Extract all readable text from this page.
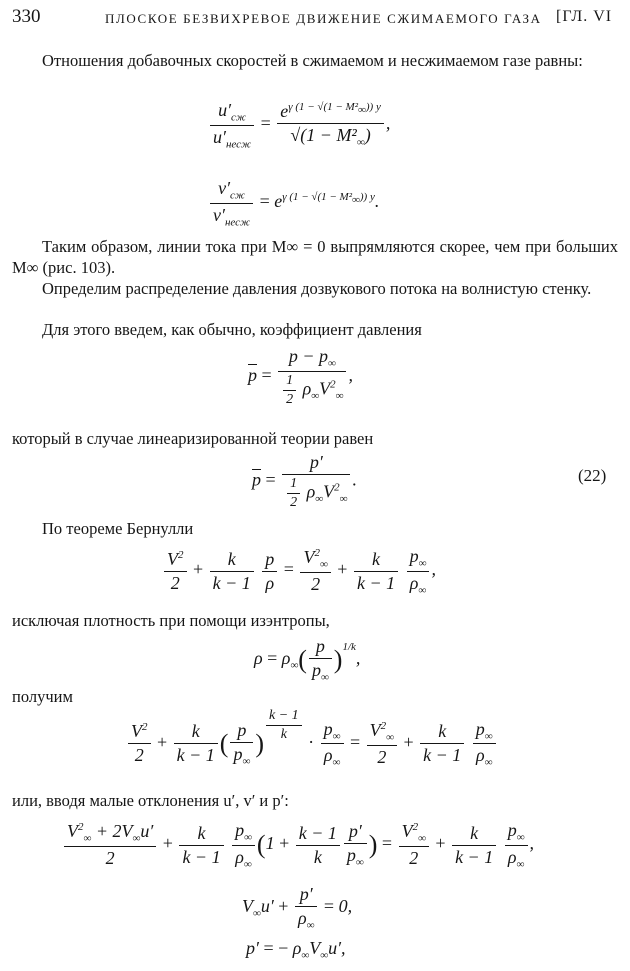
330	ПЛОСКОЕ БЕЗВИХРЕВОЕ ДВИЖЕНИЕ СЖИМАЕМОГО ГАЗА [ГЛ. VI
Отношения добавочных скоростей в сжимаемом и несжимаемом газе равны:
$\frac{u'_{сж}}{u'_{несж}} = \frac{e^{\gamma (1 - √(1 - M^2_\infty)) y}}{√(1 - M^2_\infty)}$ ,
$\frac{v'_{сж}}{v'_{несж}} = e^{\gamma (1 - √(1 - M^2_\infty)) y}$.
Таким образом, линии тока при M∞ = 0 выпрямляются скорее, чем при больших M∞ (рис. 103).
Определим распределение давления дозвукового потока на волнистую стенку.
Для этого введем, как обычно, коэффициент давления
$\overline{p} = \frac{p - p_\infty}{\frac{1}{2} \rho_\infty V^2_\infty}$ ,
который в случае линеаризированной теории равен
$\overline{p} = \frac{p'}{\frac{1}{2} \rho_\infty V^2_\infty}$ .	(22)
По теореме Бернулли
$\frac{V^2}{2} + \frac{k}{k - 1}$
$\frac{p}{\rho} = \frac{V^2_\infty}{2} + \frac{k}{k - 1}$
$\frac{p_\infty}{\rho_\infty}$ ,
исключая плотность при помощи изэнтропы,
$\rho = \rho_\infty( \frac{p}{p_\infty} )^{1/k}$,
получим
$\frac{V^2}{2} + \frac{k}{k - 1}$ ( $\frac{p}{p_\infty}$ )
$^{\frac{k - 1}{k}} \cdot \frac{p_\infty}{\rho_\infty} = \frac{V^2_\infty}{2} + \frac{k}{k - 1}$
$\frac{p_\infty}{\rho_\infty}$
или, вводя малые отклонения u′, v′ и p′:
$\frac{V^2_\infty + 2V_\infty u'}{2} + \frac{k}{k - 1}$
$\frac{p_\infty}{\rho_\infty} (1 + \frac{k - 1}{k} \frac{p'}{p_\infty}$ ) = $\frac{V^2_\infty}{2} + \frac{k}{k - 1}$
$\frac{p_\infty}{\rho_\infty}$ ,
$V_\infty u' + \frac{p'}{\rho_\infty} = 0$,
p′ = − $\rho_\infty V_\infty u'$,
